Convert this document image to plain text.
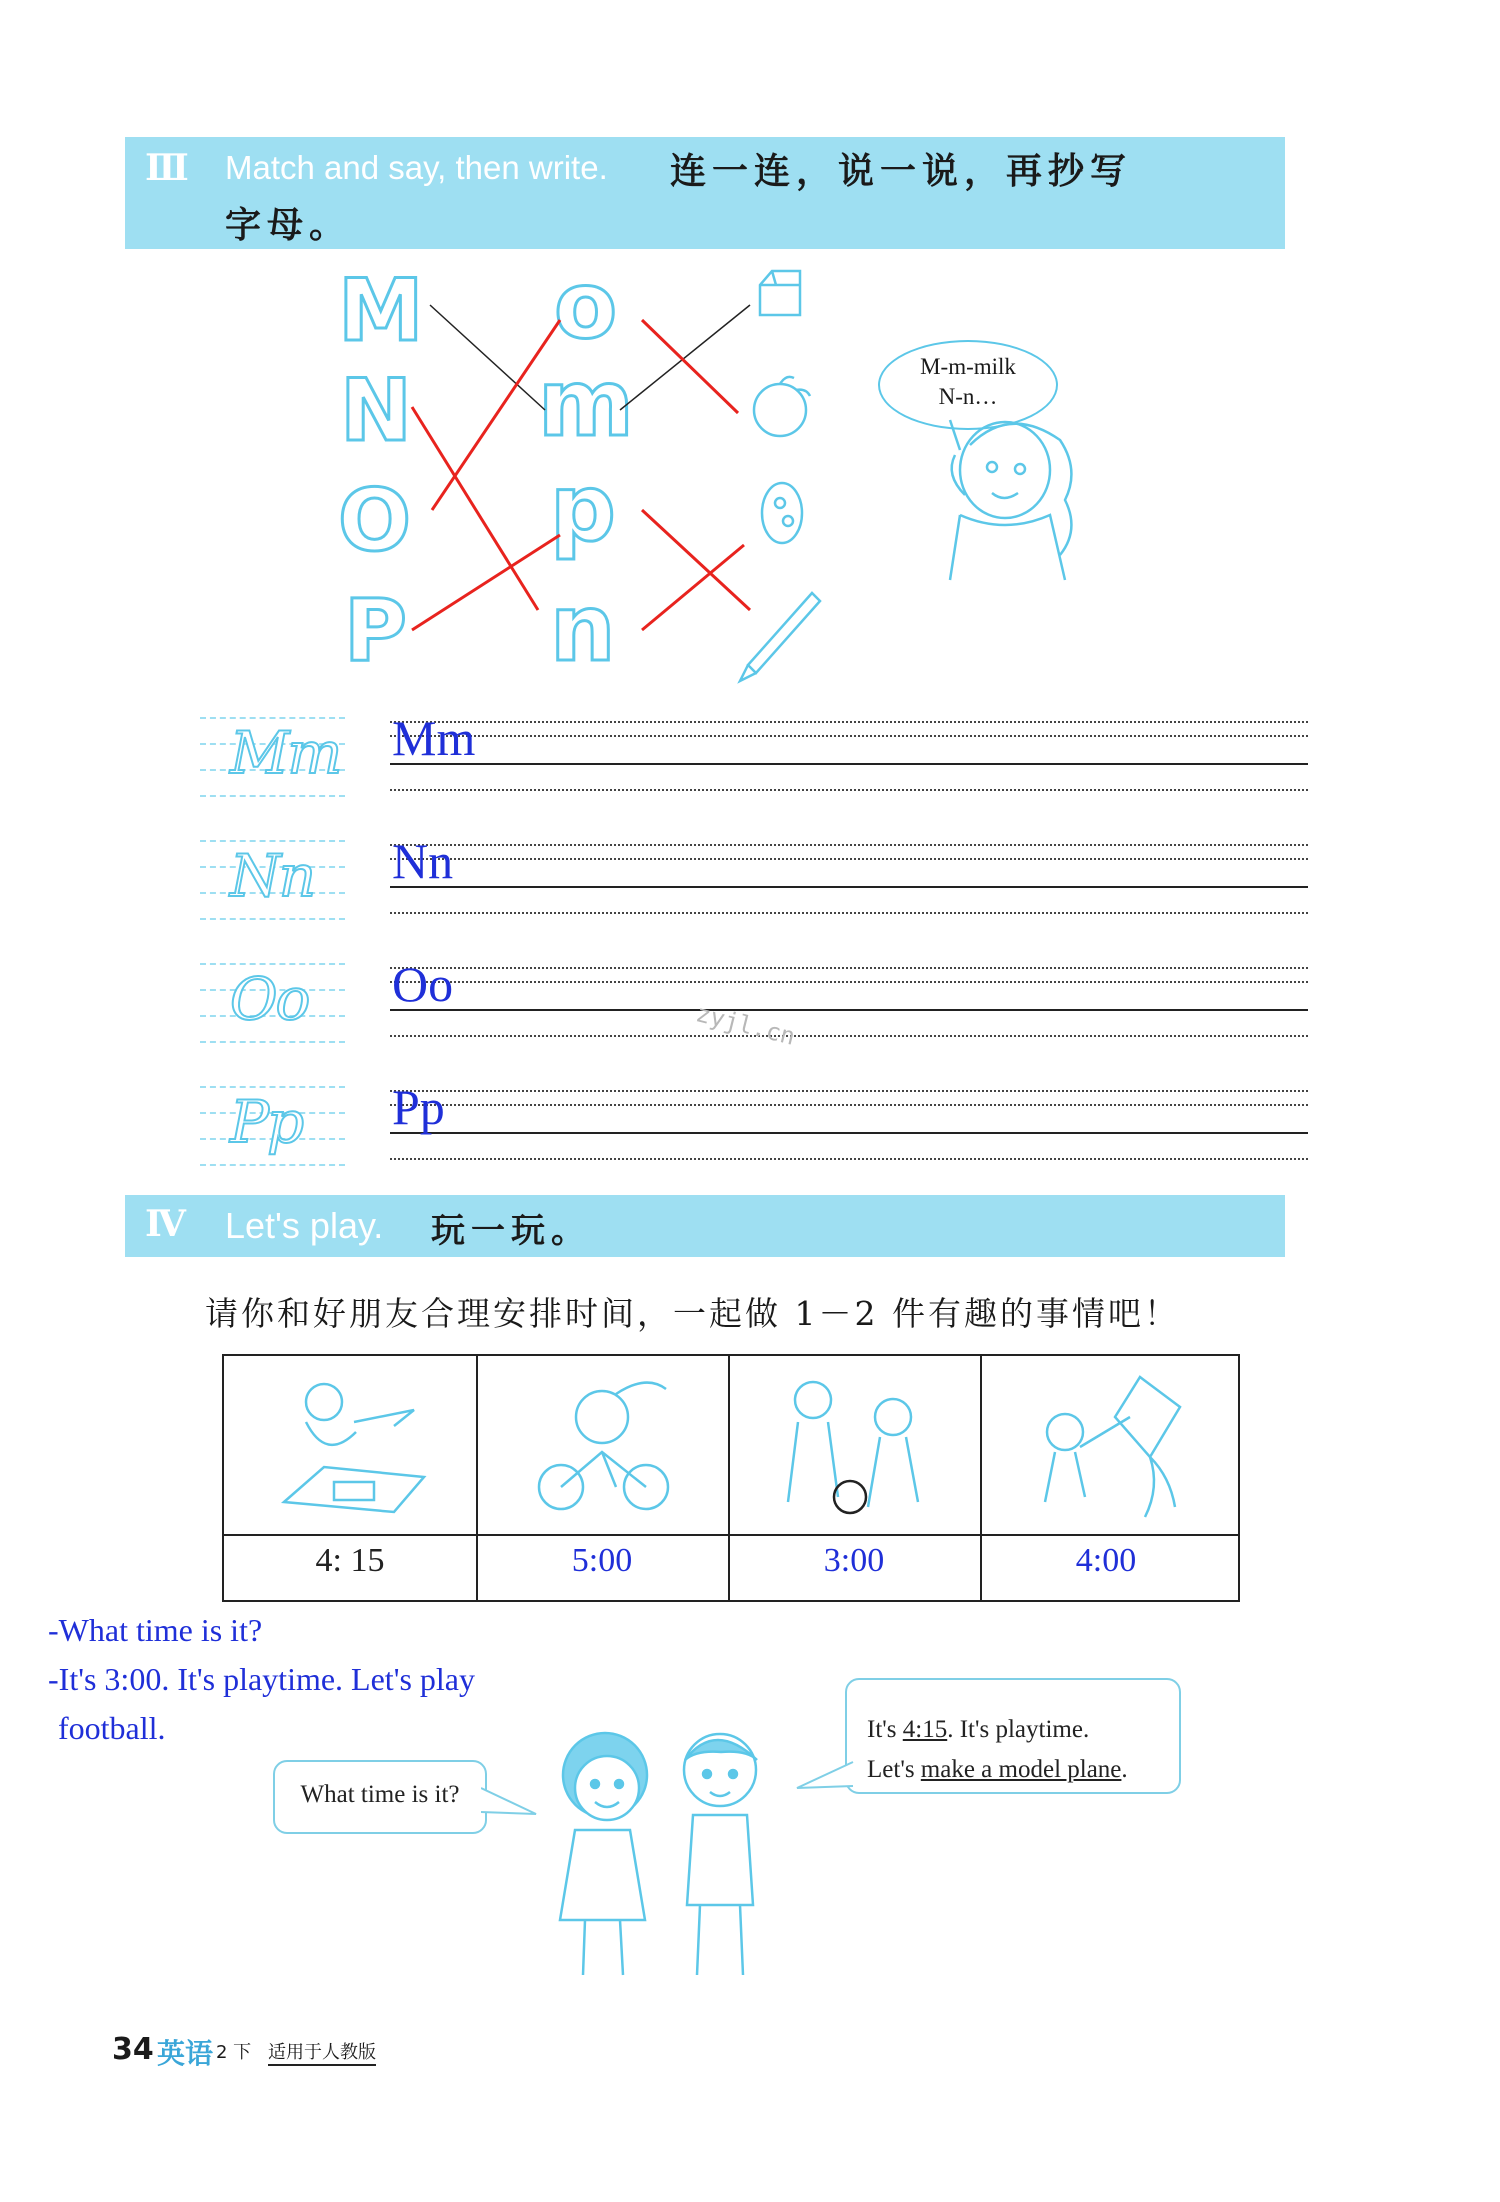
Ⅲ Match and say, then write. 连一连，说一说，再抄写
字母。
M
N
O
P
o
m
p
n
M-m-milk
N-n…
Mm Mm
Nn Nn
Oo Oo
zyjl.cn
Pp Pp
Ⅳ Let's play. 玩一玩。
请你和好朋友合理安排时间，一起做 1－2 件有趣的事情吧！
4: 15	5:00	3:00	4:00
-What time is it?
-It's 3:00. It's playtime. Let's play
football.
What time is it?
It's 4:15. It's playtime.
Let's make a model plane.
34 英语 2 下 适用于人教版
